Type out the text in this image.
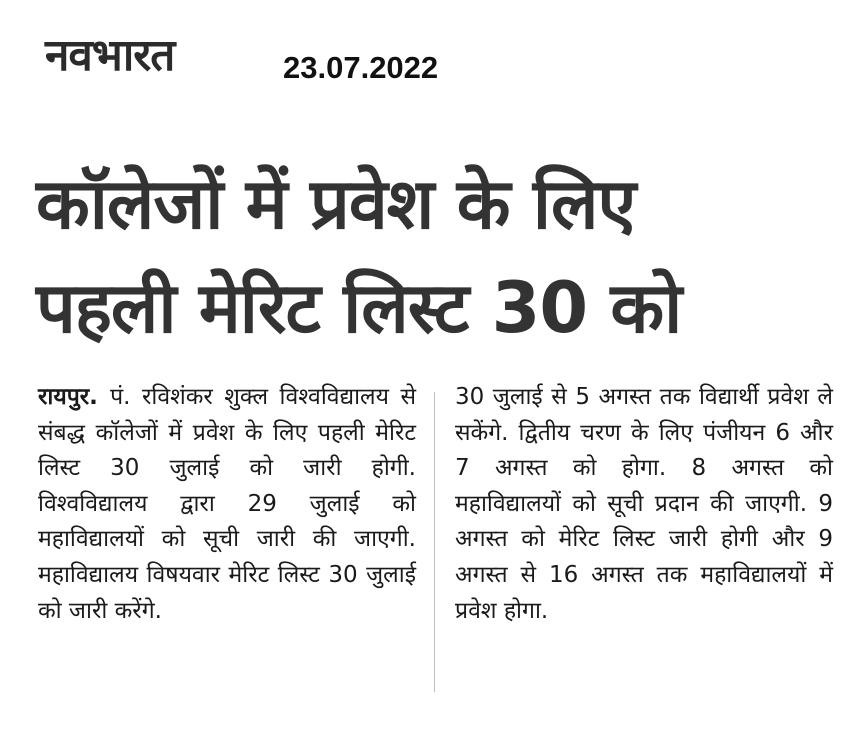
नवभारत	23.07.2022
कॉलेजों में प्रवेश के लिए
पहली मेरिट लिस्ट 30 को
रायपुर. पं. रविशंकर शुक्ल विश्वविद्यालय से संबद्ध कॉलेजों में प्रवेश के लिए पहली मेरिट लिस्ट 30 जुलाई को जारी होगी. विश्वविद्यालय द्वारा 29 जुलाई को महाविद्यालयों को सूची जारी की जाएगी. महाविद्यालय विषयवार मेरिट लिस्ट 30 जुलाई को जारी करेंगे.
30 जुलाई से 5 अगस्त तक विद्यार्थी प्रवेश ले सकेंगे. द्वितीय चरण के लिए पंजीयन 6 और 7 अगस्त को होगा. 8 अगस्त को महाविद्यालयों को सूची प्रदान की जाएगी. 9 अगस्त को मेरिट लिस्ट जारी होगी और 9 अगस्त से 16 अगस्त तक महाविद्यालयों में प्रवेश होगा.
